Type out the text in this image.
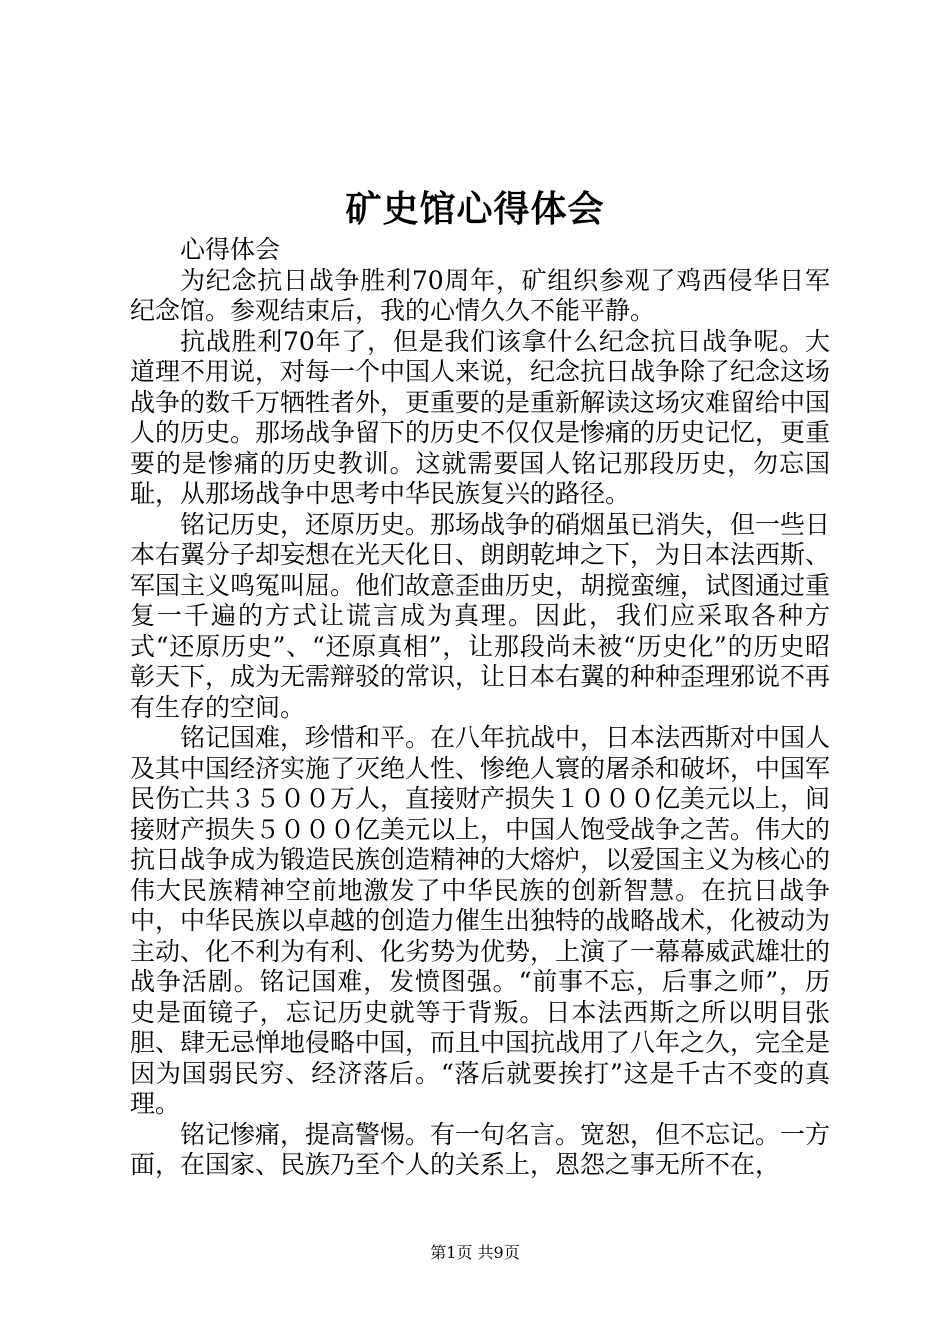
矿史馆心得体会

心得体会

为纪念抗日战争胜利70周年，矿组织参观了鸡西侵华日军纪念馆。参观结束后，我的心情久久不能平静。

抗战胜利70年了，但是我们该拿什么纪念抗日战争呢。大道理不用说，对每一个中国人来说，纪念抗日战争除了纪念这场战争的数千万牺牲者外，更重要的是重新解读这场灾难留给中国人的历史。那场战争留下的历史不仅仅是惨痛的历史记忆，更重要的是惨痛的历史教训。这就需要国人铭记那段历史，勿忘国耻，从那场战争中思考中华民族复兴的路径。

铭记历史，还原历史。那场战争的硝烟虽已消失，但一些日本右翼分子却妄想在光天化日、朗朗乾坤之下，为日本法西斯、军国主义鸣冤叫屈。他们故意歪曲历史，胡搅蛮缠，试图通过重复一千遍的方式让谎言成为真理。因此，我们应采取各种方式“还原历史”、“还原真相”，让那段尚未被“历史化”的历史昭彰天下，成为无需辩驳的常识，让日本右翼的种种歪理邪说不再有生存的空间。

铭记国难，珍惜和平。在八年抗战中，日本法西斯对中国人及其中国经济实施了灭绝人性、惨绝人寰的屠杀和破坏，中国军民伤亡共３５００万人，直接财产损失１０００亿美元以上，间接财产损失５０００亿美元以上，中国人饱受战争之苦。伟大的抗日战争成为锻造民族创造精神的大熔炉，以爱国主义为核心的伟大民族精神空前地激发了中华民族的创新智慧。在抗日战争中，中华民族以卓越的创造力催生出独特的战略战术，化被动为主动、化不利为有利、化劣势为优势，上演了一幕幕威武雄壮的战争活剧。铭记国难，发愤图强。“前事不忘，后事之师”，历史是面镜子，忘记历史就等于背叛。日本法西斯之所以明目张胆、肆无忌惮地侵略中国，而且中国抗战用了八年之久，完全是因为国弱民穷、经济落后。“落后就要挨打”这是千古不变的真理。

铭记惨痛，提高警惕。有一句名言。宽恕，但不忘记。一方面，在国家、民族乃至个人的关系上，恩怨之事无所不在，

第1页 共9页
